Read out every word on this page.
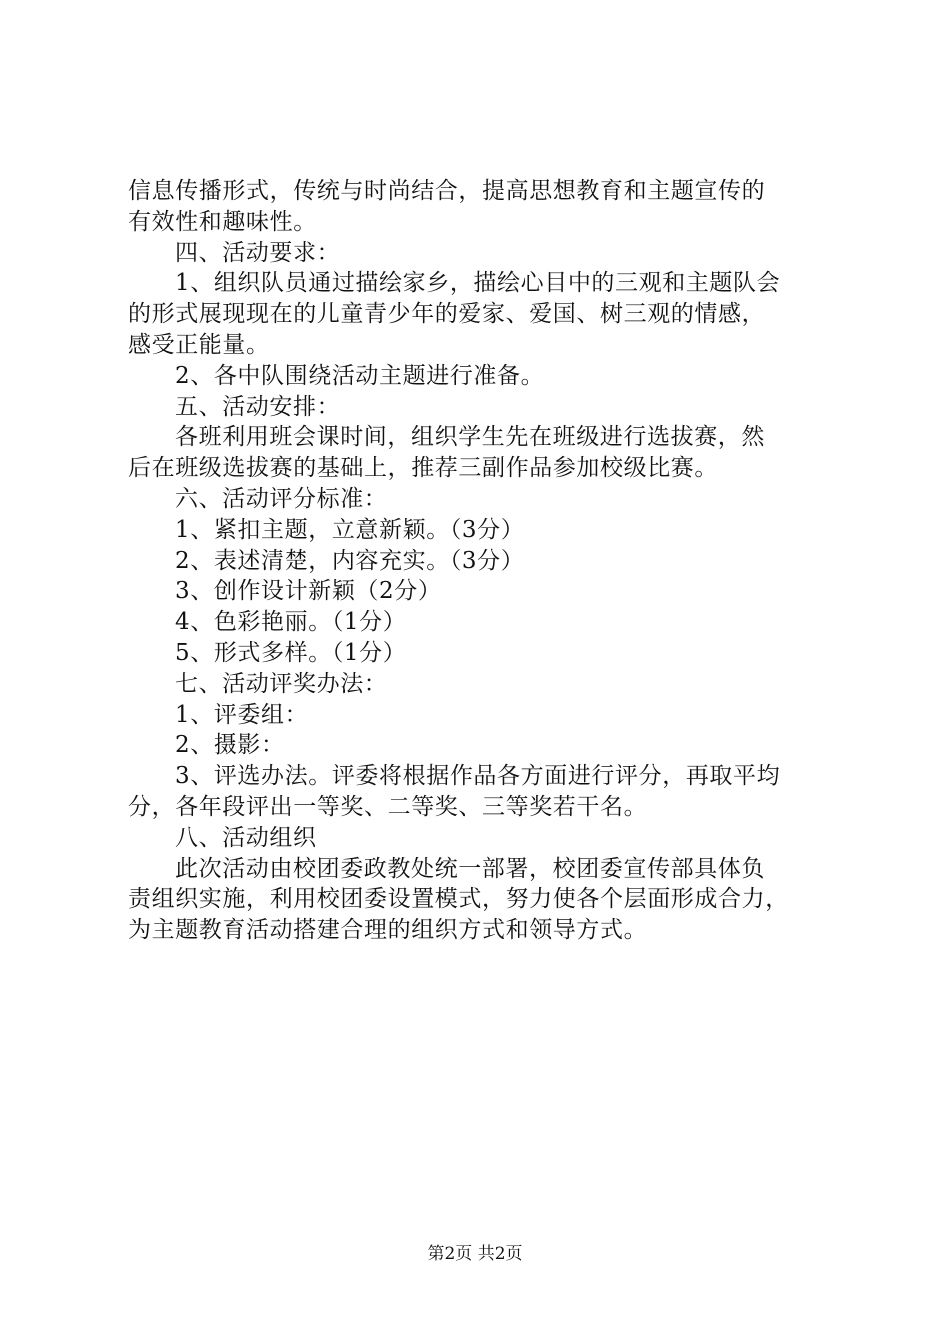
信息传播形式，传统与时尚结合，提高思想教育和主题宣传的
有效性和趣味性。
四、活动要求：
1、组织队员通过描绘家乡，描绘心目中的三观和主题队会
的形式展现现在的儿童青少年的爱家、爱国、树三观的情感，
感受正能量。
2、各中队围绕活动主题进行准备。
五、活动安排：
各班利用班会课时间，组织学生先在班级进行选拔赛，然
后在班级选拔赛的基础上，推荐三副作品参加校级比赛。
六、活动评分标准：
1、紧扣主题，立意新颖。（3分）
2、表述清楚，内容充实。（3分）
3、创作设计新颖（2分）
4、色彩艳丽。（1分）
5、形式多样。（1分）
七、活动评奖办法：
1、评委组：
2、摄影：
3、评选办法。评委将根据作品各方面进行评分，再取平均
分，各年段评出一等奖、二等奖、三等奖若干名。
八、活动组织
此次活动由校团委政教处统一部署，校团委宣传部具体负
责组织实施，利用校团委设置模式，努力使各个层面形成合力，
为主题教育活动搭建合理的组织方式和领导方式。
第2页 共2页
